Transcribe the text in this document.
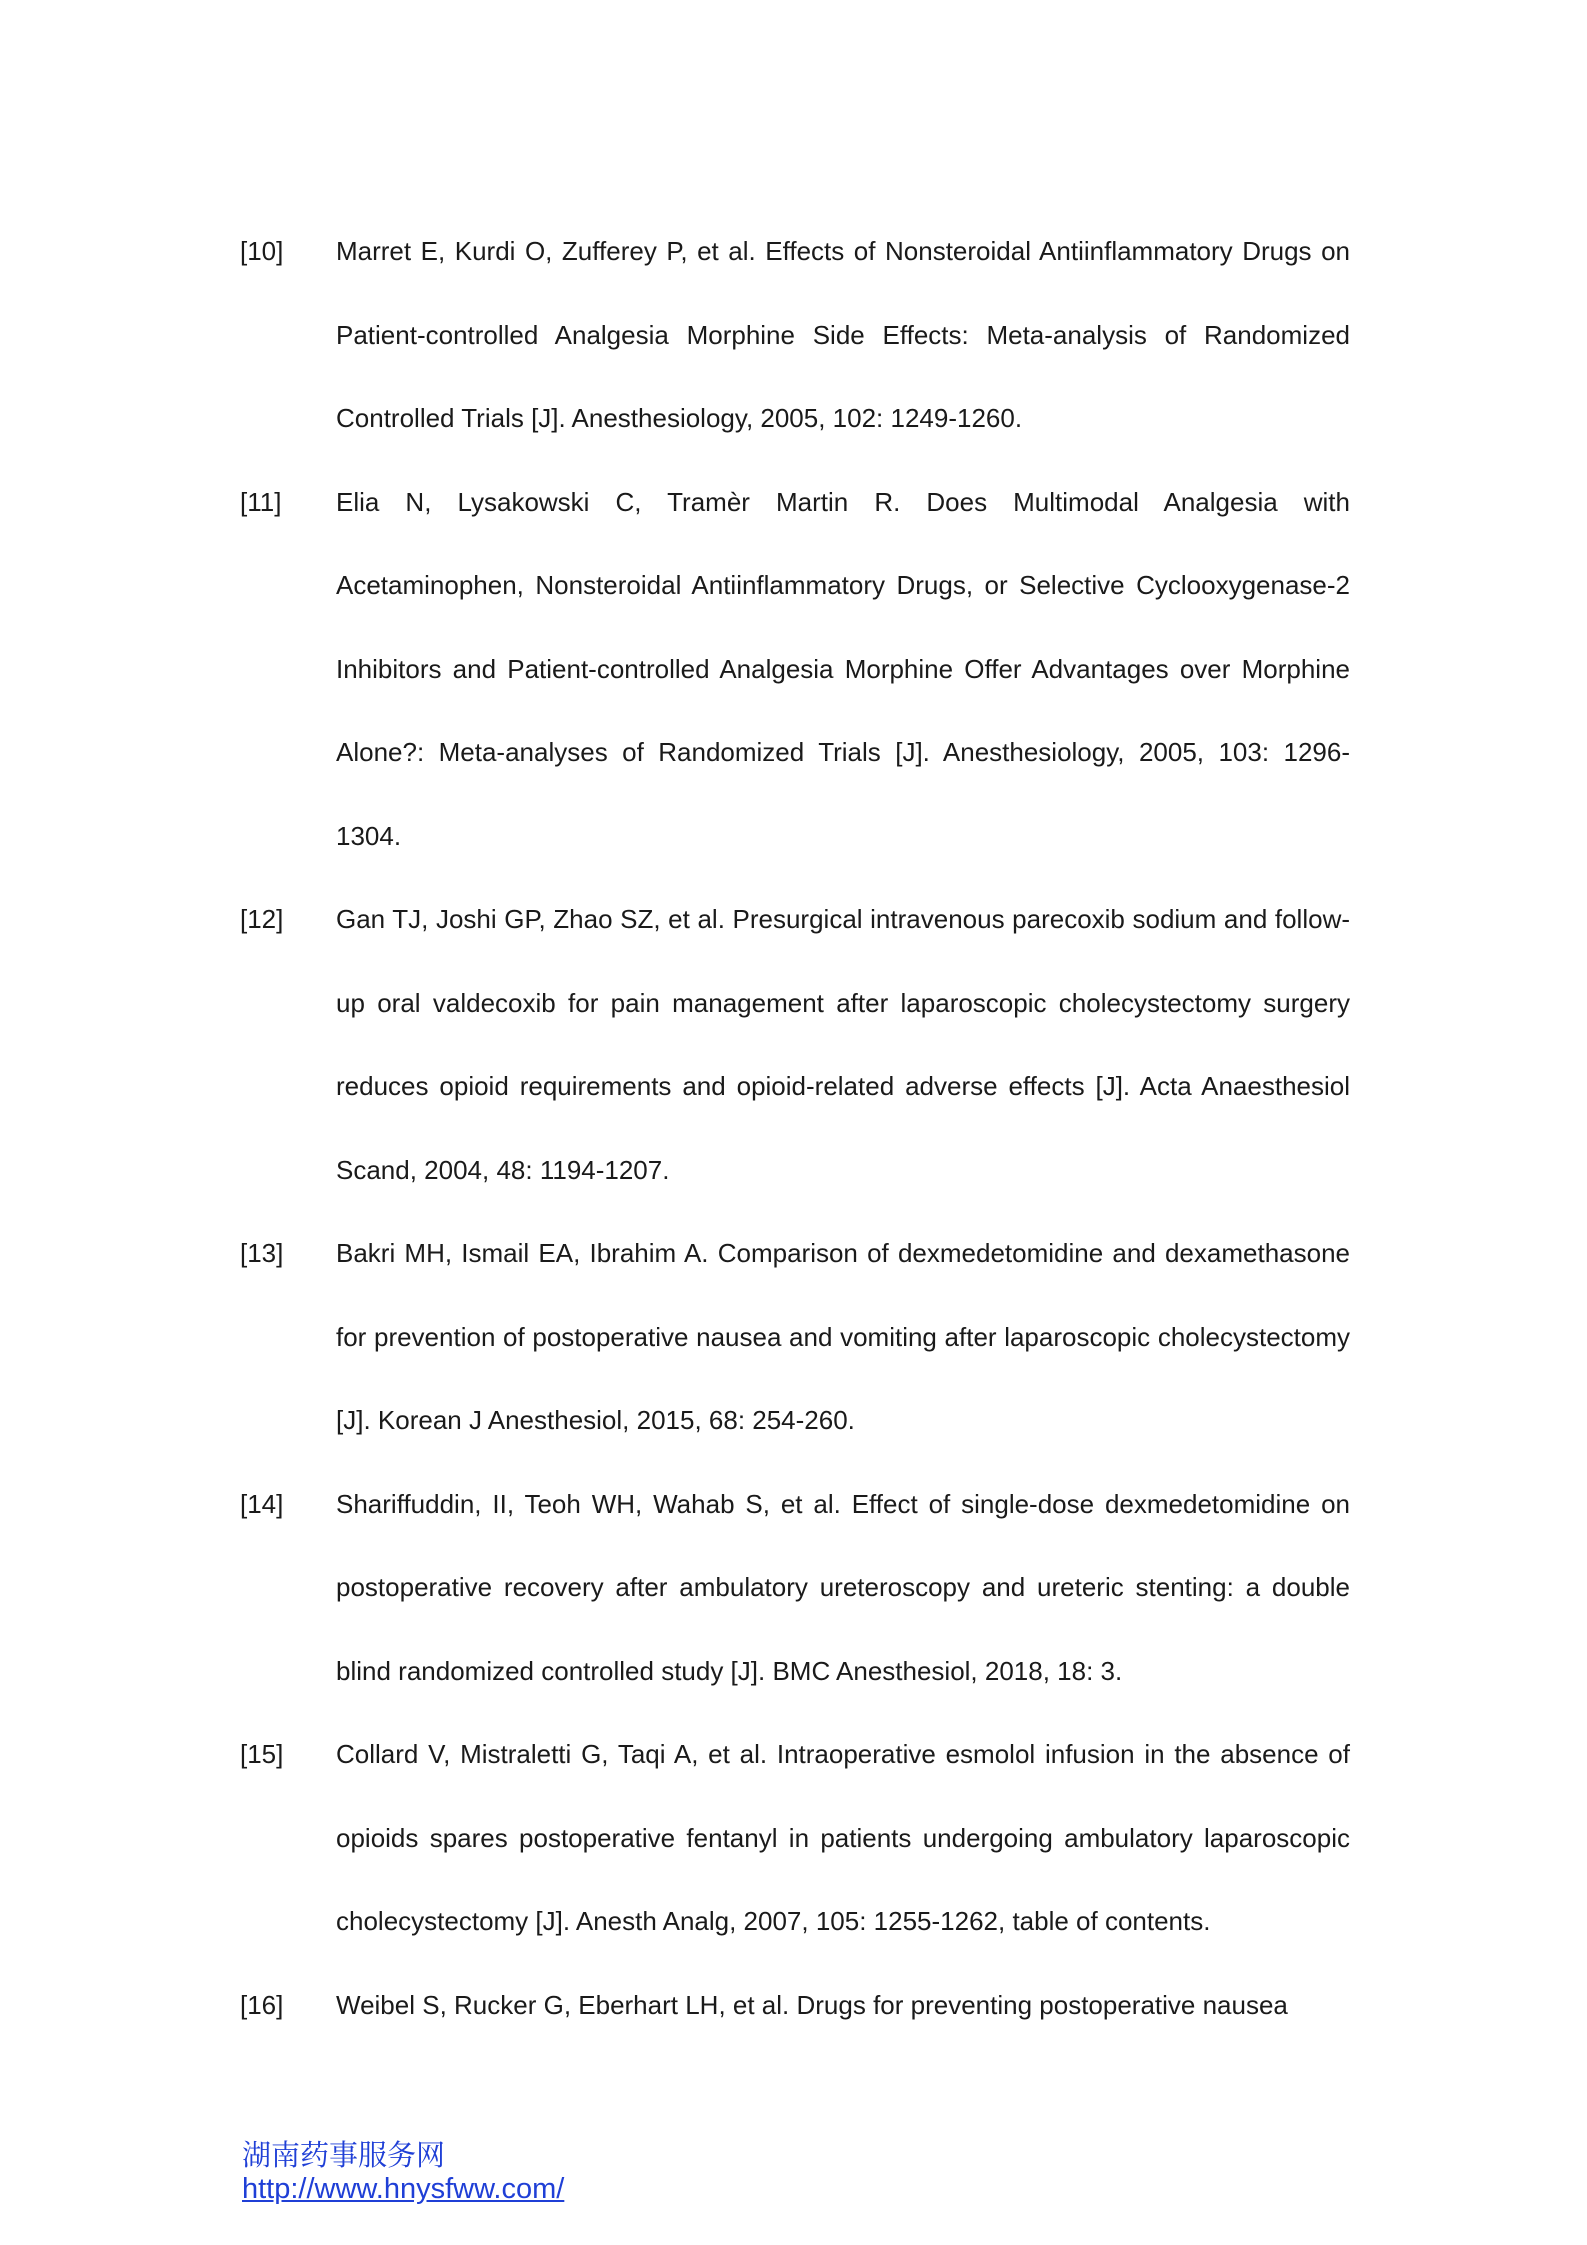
[10]	Marret E, Kurdi O, Zufferey P, et al. Effects of Nonsteroidal Antiinflammatory Drugs on Patient-controlled Analgesia Morphine Side Effects: Meta-analysis of Randomized Controlled Trials [J]. Anesthesiology, 2005, 102: 1249-1260.
[11]	Elia N, Lysakowski C, Tramèr Martin R. Does Multimodal Analgesia with Acetaminophen, Nonsteroidal Antiinflammatory Drugs, or Selective Cyclooxygenase-2 Inhibitors and Patient-controlled Analgesia Morphine Offer Advantages over Morphine Alone?: Meta-analyses of Randomized Trials [J]. Anesthesiology, 2005, 103: 1296-1304.
[12]	Gan TJ, Joshi GP, Zhao SZ, et al. Presurgical intravenous parecoxib sodium and follow-up oral valdecoxib for pain management after laparoscopic cholecystectomy surgery reduces opioid requirements and opioid-related adverse effects [J]. Acta Anaesthesiol Scand, 2004, 48: 1194-1207.
[13]	Bakri MH, Ismail EA, Ibrahim A. Comparison of dexmedetomidine and dexamethasone for prevention of postoperative nausea and vomiting after laparoscopic cholecystectomy [J]. Korean J Anesthesiol, 2015, 68: 254-260.
[14]	Shariffuddin, II, Teoh WH, Wahab S, et al. Effect of single-dose dexmedetomidine on postoperative recovery after ambulatory ureteroscopy and ureteric stenting: a double blind randomized controlled study [J]. BMC Anesthesiol, 2018, 18: 3.
[15]	Collard V, Mistraletti G, Taqi A, et al. Intraoperative esmolol infusion in the absence of opioids spares postoperative fentanyl in patients undergoing ambulatory laparoscopic cholecystectomy [J]. Anesth Analg, 2007, 105: 1255-1262, table of contents.
[16]	Weibel S, Rucker G, Eberhart LH, et al. Drugs for preventing postoperative nausea
湖南药事服务网
http://www.hnysfww.com/
